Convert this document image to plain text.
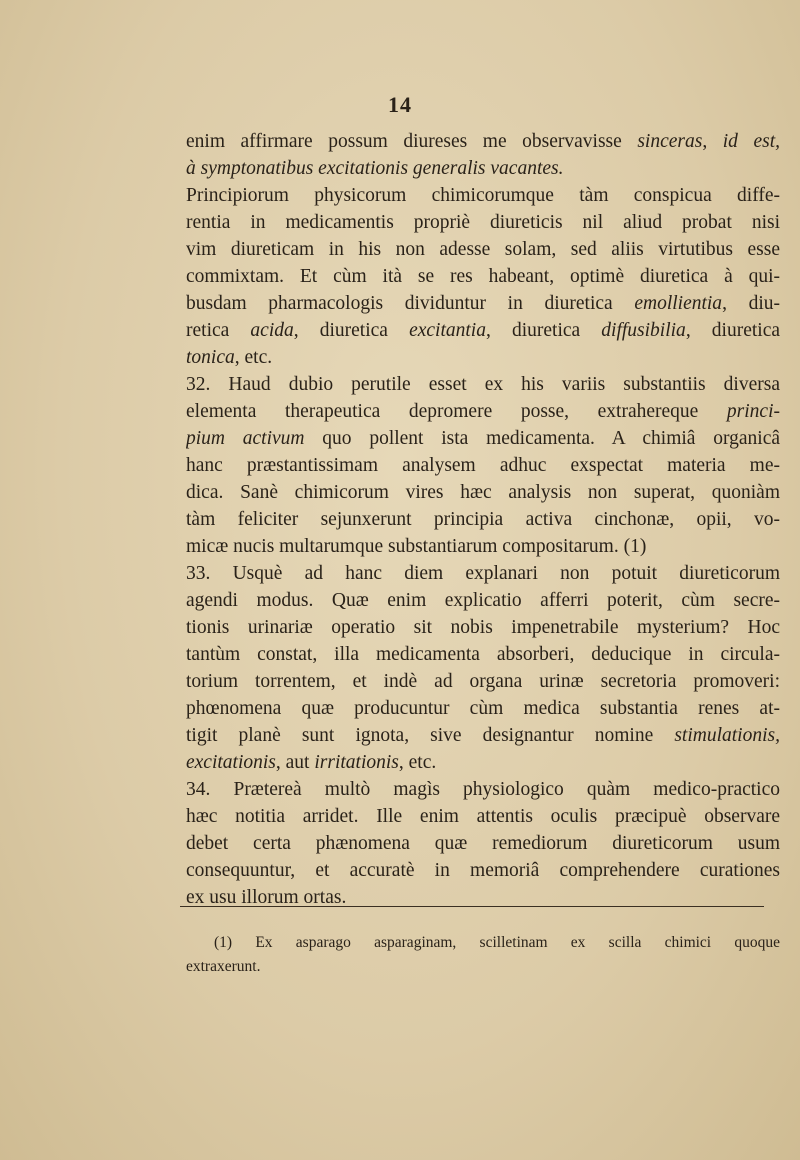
14
enim affirmare possum diureses me observavisse sinceras, id est,
à symptonatibus excitationis generalis vacantes.
Principiorum physicorum chimicorumque tàm conspicua diffe-
rentia in medicamentis propriè diureticis nil aliud probat nisi
vim diureticam in his non adesse solam, sed aliis virtutibus esse
commixtam. Et cùm ità se res habeant, optimè diuretica à qui-
busdam pharmacologis dividuntur in diuretica emollientia, diu-
retica acida, diuretica excitantia, diuretica diffusibilia, diuretica
tonica, etc.
32. Haud dubio perutile esset ex his variis substantiis diversa
elementa therapeutica depromere posse, extrahereque princi-
pium activum quo pollent ista medicamenta. A chimiâ organicâ
hanc præstantissimam analysem adhuc exspectat materia me-
dica. Sanè chimicorum vires hæc analysis non superat, quoniàm
tàm feliciter sejunxerunt principia activa cinchonæ, opii, vo-
micæ nucis multarumque substantiarum compositarum. (1)
33. Usquè ad hanc diem explanari non potuit diureticorum
agendi modus. Quæ enim explicatio afferri poterit, cùm secre-
tionis urinariæ operatio sit nobis impenetrabile mysterium? Hoc
tantùm constat, illa medicamenta absorberi, deducique in circula-
torium torrentem, et indè ad organa urinæ secretoria promoveri:
phœnomena quæ producuntur cùm medica substantia renes at-
tigit planè sunt ignota, sive designantur nomine stimulationis,
excitationis, aut irritationis, etc.
34. Prætereà multò magìs physiologico quàm medico-practico
hæc notitia arridet. Ille enim attentis oculis præcipuè observare
debet certa phænomena quæ remediorum diureticorum usum
consequuntur, et accuratè in memoriâ comprehendere curationes
ex usu illorum ortas.
(1) Ex asparago asparaginam, scilletinam ex scilla chimici quoque
extraxerunt.
